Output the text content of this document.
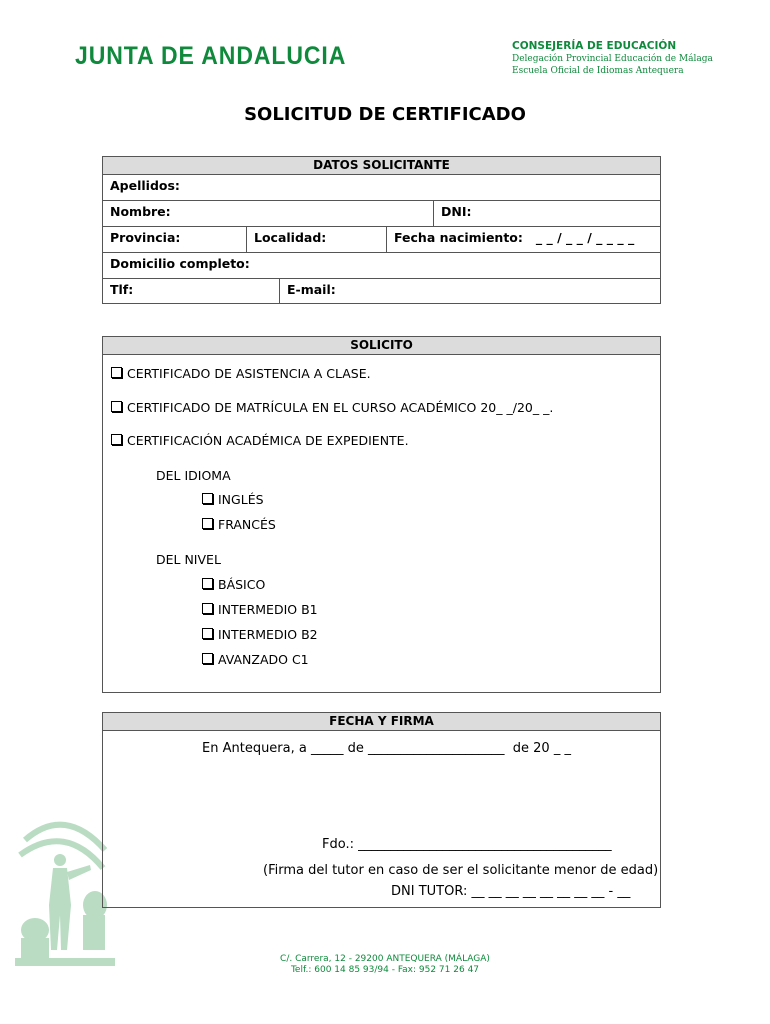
JUNTA DE ANDALUCIA	CONSEJERÍA DE EDUCACIÓN
Delegación Provincial Educación de Málaga
Escuela Oficial de Idiomas Antequera
SOLICITUD DE CERTIFICADO
DATOS SOLICITANTE
Apellidos:
Nombre:	DNI:
Provincia:	Localidad:	Fecha nacimiento:   _ _ / _ _ / _ _ _ _
Domicilio completo:
Tlf:	E-mail:
SOLICITO
CERTIFICADO DE ASISTENCIA A CLASE.
CERTIFICADO DE MATRÍCULA EN EL CURSO ACADÉMICO 20_ _/20_ _.
CERTIFICACIÓN ACADÉMICA DE EXPEDIENTE.
DEL IDIOMA
INGLÉS
FRANCÉS
DEL NIVEL
BÁSICO
INTERMEDIO B1
INTERMEDIO B2
AVANZADO C1
FECHA Y FIRMA
En Antequera, a _____ de _____________________  de 20 _ _
Fdo.: _______________________________________
(Firma del tutor en caso de ser el solicitante menor de edad)
DNI TUTOR: __ __ __ __ __ __ __ __ - __
C/. Carrera, 12 - 29200 ANTEQUERA (MÁLAGA)
Telf.: 600 14 85 93/94 - Fax: 952 71 26 47
